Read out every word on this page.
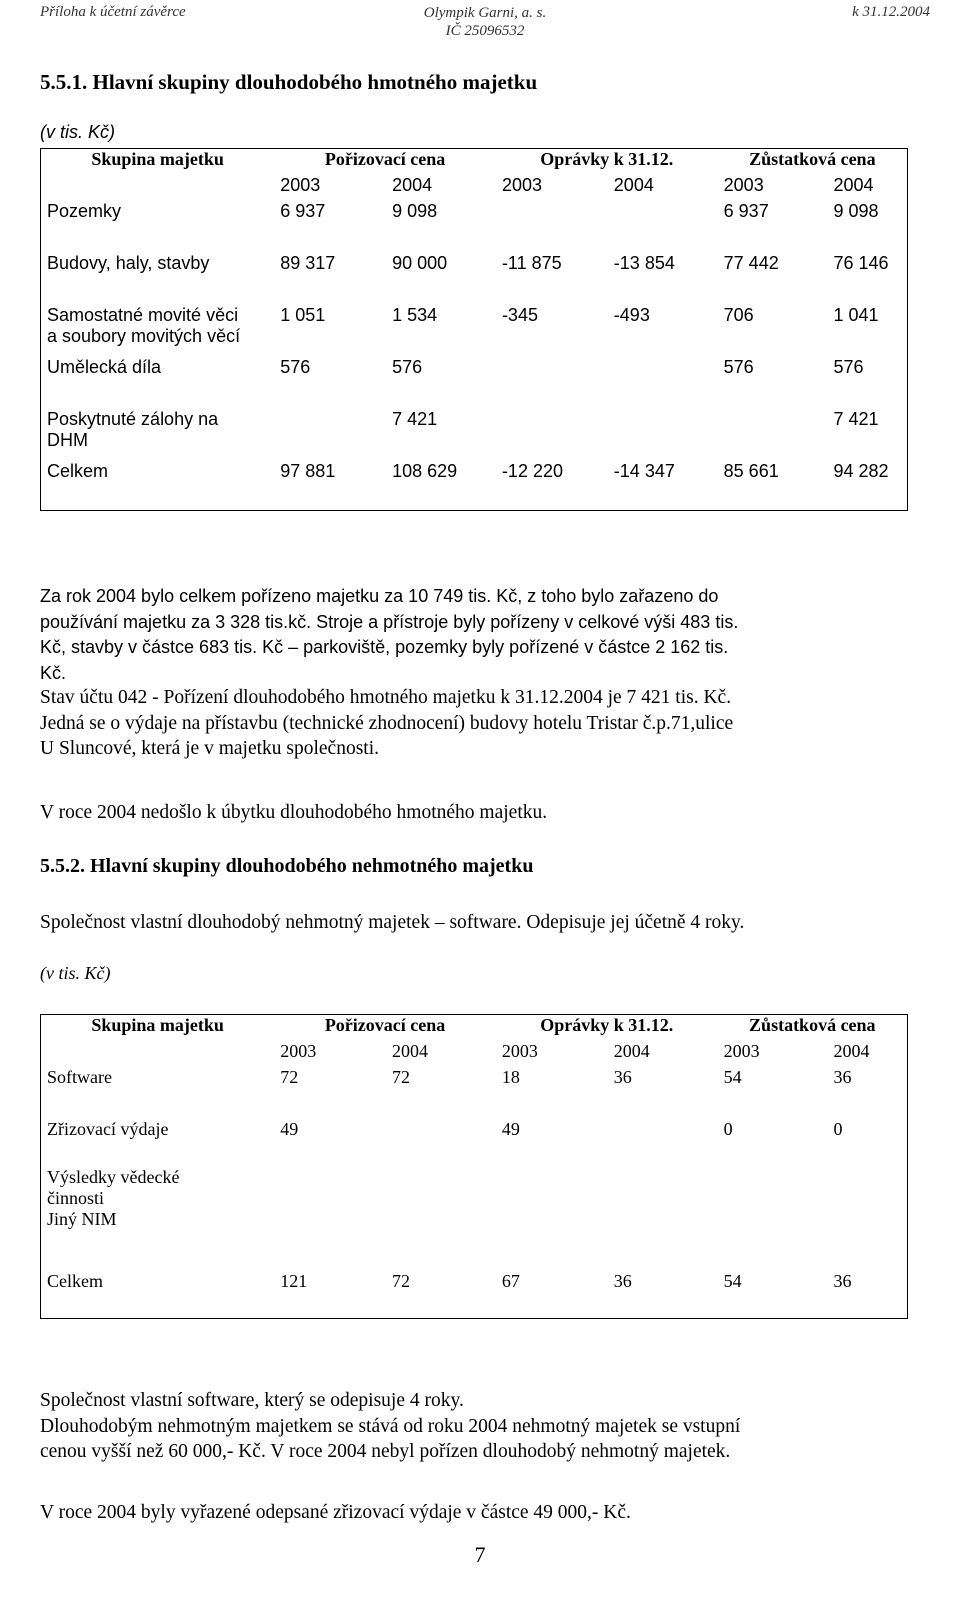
Příloha k účetní závěrce	Olympik Garni, a. s.
IČ 25096532
k 31.12.2004
5.5.1. Hlavní skupiny dlouhodobého hmotného majetku
(v tis. Kč)
Skupina majetku	Pořizovací cena		Oprávky k 31.12.		Zůstatková cena	
	2003	2004	2003	2004	2003	2004
Pozemky	6 937	9 098			6 937	9 098
Budovy, haly, stavby	89 317	90 000	-11 875	-13 854	77 442	76 146

Samostatné movité věci
a soubory movitých věcí	1 051	1 534	-345	-493	706	1 041
Umělecká díla	576	576			576	576

Poskytnuté zálohy na
DHM		7 421				7 421
Celkem	97 881	108 629	-12 220	-14 347	85 661	94 282

Za rok 2004 bylo celkem pořízeno majetku za 10 749 tis. Kč, z toho bylo zařazeno do

používání majetku za 3 328 tis.kč. Stroje a přístroje byly pořízeny v celkové výši 483 tis.

Kč, stavby v částce 683 tis. Kč – parkoviště, pozemky byly pořízené v částce 2 162 tis.

Kč.

Stav účtu 042 - Pořízení dlouhodobého hmotného majetku k 31.12.2004 je 7 421 tis. Kč.

Jedná se o výdaje na přístavbu (technické zhodnocení) budovy hotelu Tristar č.p.71,ulice

U Sluncové, která je v majetku společnosti.

V roce 2004 nedošlo k úbytku dlouhodobého hmotného majetku.

5.5.2. Hlavní skupiny dlouhodobého nehmotného majetku

Společnost vlastní dlouhodobý nehmotný majetek – software. Odepisuje jej účetně 4 roky.

(v tis. Kč)
Skupina majetku	Pořizovací cena		Oprávky k 31.12.		Zůstatková cena	
	2003	2004	2003	2004	2003	2004
Software	72	72	18	36	54	36
Zřizovací výdaje	49		49		0	0

Výsledky vědecké
činnosti
Jiný NIM						

Celkem	121	72	67	36	54	36

Společnost vlastní software, který se odepisuje 4 roky.

Dlouhodobým nehmotným majetkem se stává od roku 2004 nehmotný majetek se vstupní

cenou vyšší než 60 000,- Kč. V roce 2004 nebyl pořízen dlouhodobý nehmotný majetek.

V roce 2004 byly vyřazené odepsané zřizovací výdaje v částce 49 000,- Kč.

7
